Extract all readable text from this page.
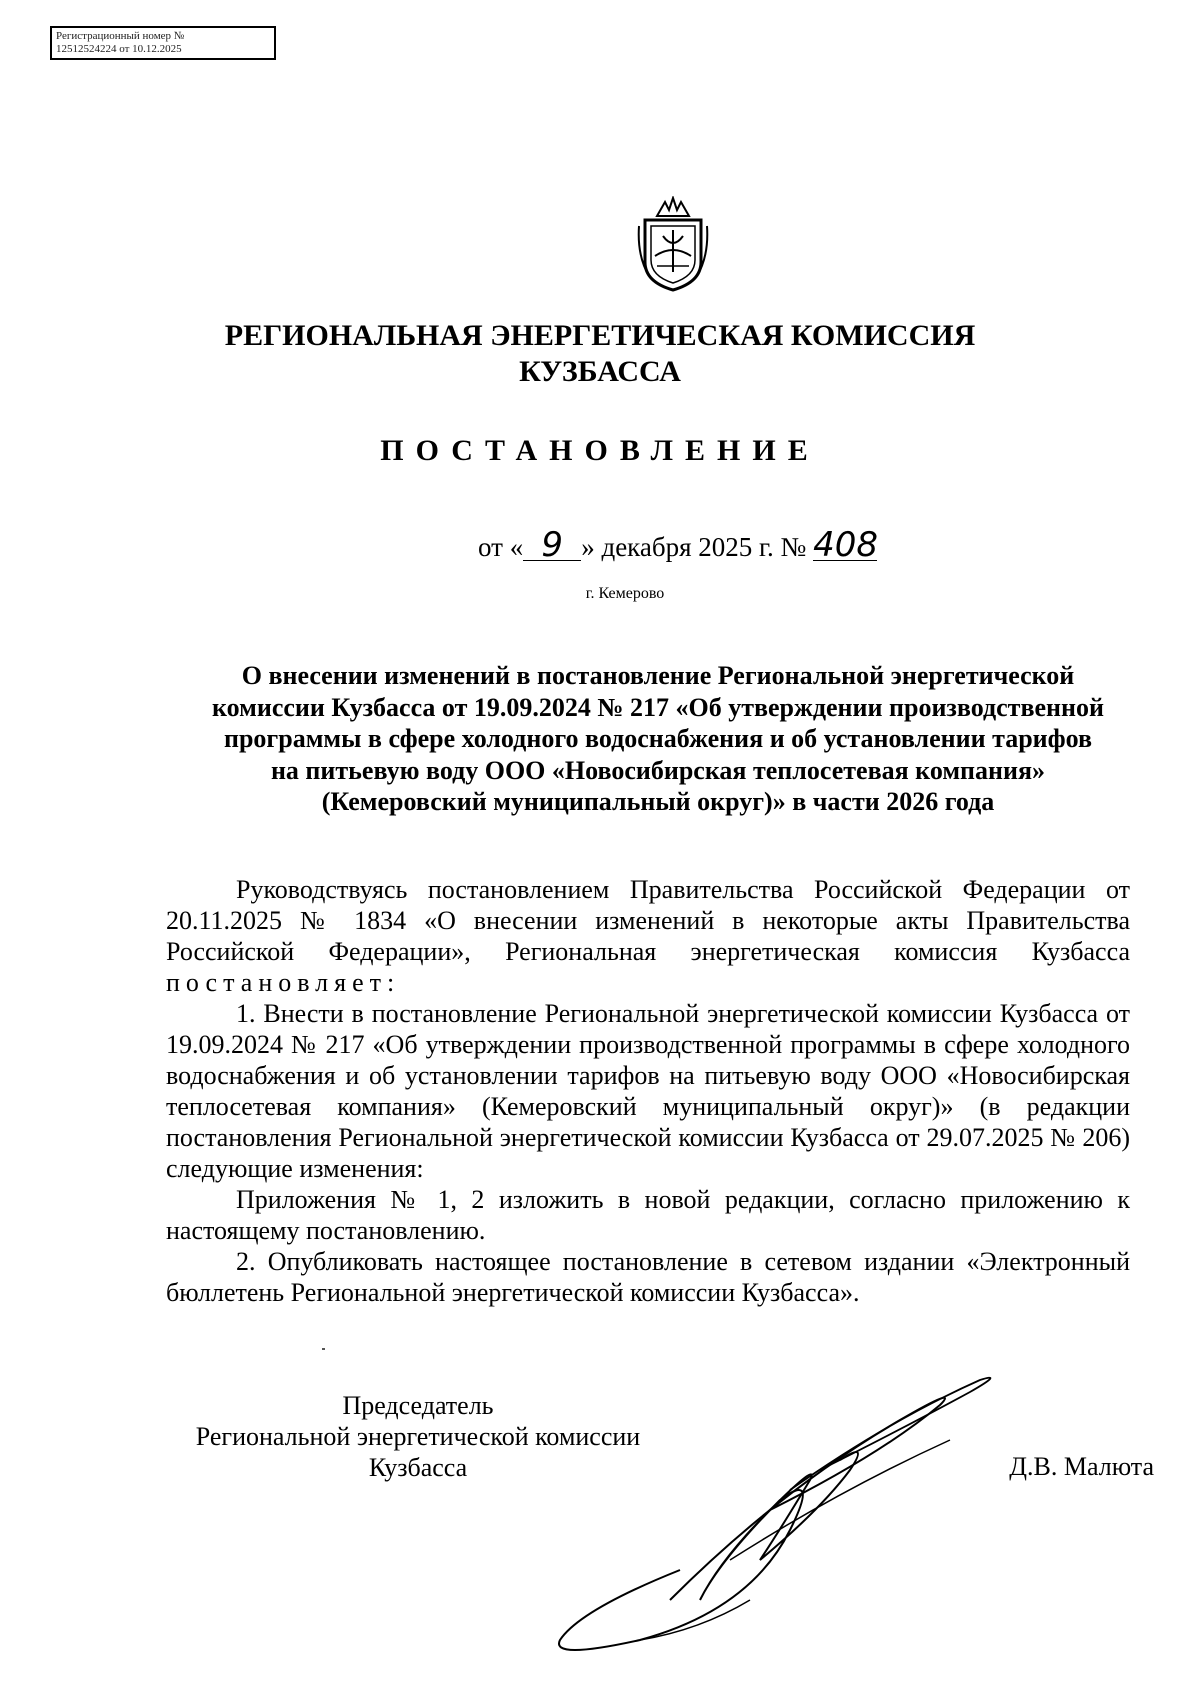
Регистрационный номер №
12512524224 от 10.12.2025
РЕГИОНАЛЬНАЯ ЭНЕРГЕТИЧЕСКАЯ КОМИССИЯ
КУЗБАССА
ПОСТАНОВЛЕНИЕ
от « 9 » декабря 2025 г. № 408
г. Кемерово
О внесении изменений в постановление Региональной энергетической
комиссии Кузбасса от 19.09.2024 № 217 «Об утверждении производственной
программы в сфере холодного водоснабжения и об установлении тарифов
на питьевую воду ООО «Новосибирская теплосетевая компания»
(Кемеровский муниципальный округ)» в части 2026 года

Руководствуясь постановлением Правительства Российской Федерации от 20.11.2025 № 1834 «О внесении изменений в некоторые акты Правительства Российской Федерации», Региональная энергетическая комиссия Кузбасса постановляет:

1. Внести в постановление Региональной энергетической комиссии Кузбасса от 19.09.2024 № 217 «Об утверждении производственной программы в сфере холодного водоснабжения и об установлении тарифов на питьевую воду ООО «Новосибирская теплосетевая компания» (Кемеровский муниципальный округ)» (в редакции постановления Региональной энергетической комиссии Кузбасса от 29.07.2025 № 206) следующие изменения:

Приложения № 1, 2 изложить в новой редакции, согласно приложению к настоящему постановлению.

2. Опубликовать настоящее постановление в сетевом издании «Электронный бюллетень Региональной энергетической комиссии Кузбасса».

Председатель
Региональной энергетической комиссии
Кузбасса	Д.В. Малюта
